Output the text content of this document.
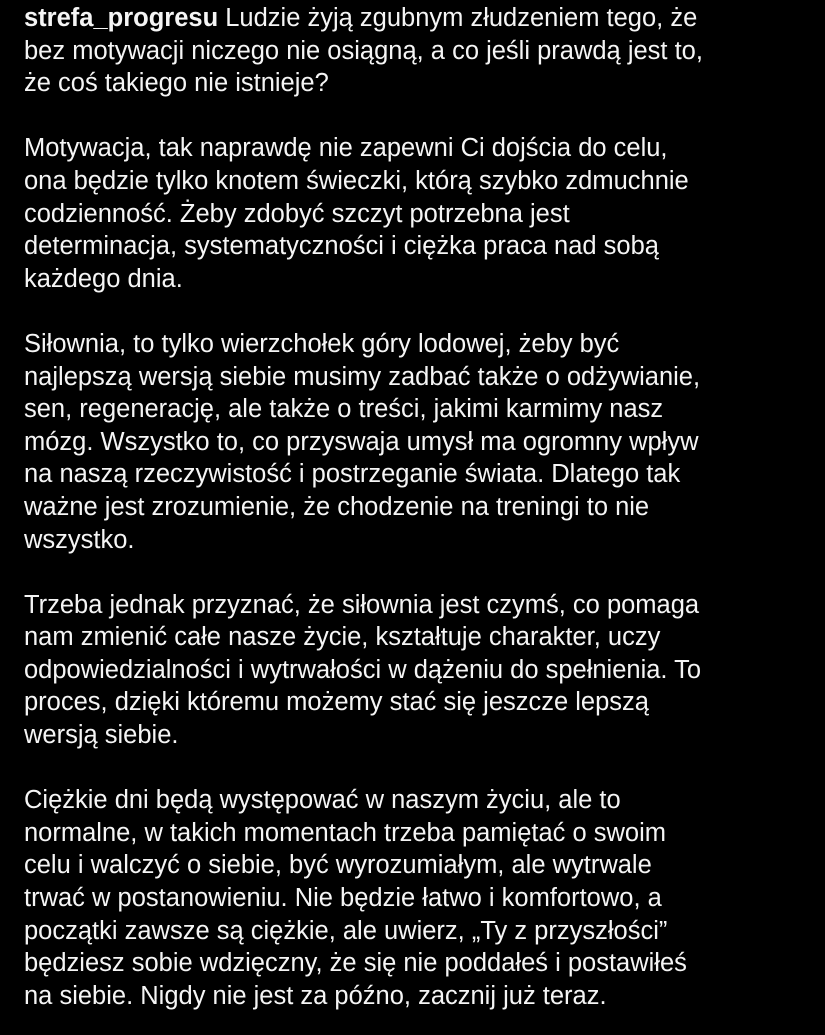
strefa_progresu Ludzie żyją zgubnym złudzeniem tego, że
bez motywacji niczego nie osiągną, a co jeśli prawdą jest to,
że coś takiego nie istnieje?
Motywacja, tak naprawdę nie zapewni Ci dojścia do celu,
ona będzie tylko knotem świeczki, którą szybko zdmuchnie
codzienność. Żeby zdobyć szczyt potrzebna jest
determinacja, systematyczności i ciężka praca nad sobą
każdego dnia.
Siłownia, to tylko wierzchołek góry lodowej, żeby być
najlepszą wersją siebie musimy zadbać także o odżywianie,
sen, regenerację, ale także o treści, jakimi karmimy nasz
mózg. Wszystko to, co przyswaja umysł ma ogromny wpływ
na naszą rzeczywistość i postrzeganie świata. Dlatego tak
ważne jest zrozumienie, że chodzenie na treningi to nie
wszystko.
Trzeba jednak przyznać, że siłownia jest czymś, co pomaga
nam zmienić całe nasze życie, kształtuje charakter, uczy
odpowiedzialności i wytrwałości w dążeniu do spełnienia. To
proces, dzięki któremu możemy stać się jeszcze lepszą
wersją siebie.
Ciężkie dni będą występować w naszym życiu, ale to
normalne, w takich momentach trzeba pamiętać o swoim
celu i walczyć o siebie, być wyrozumiałym, ale wytrwale
trwać w postanowieniu. Nie będzie łatwo i komfortowo, a
początki zawsze są ciężkie, ale uwierz, „Ty z przyszłości”
będziesz sobie wdzięczny, że się nie poddałeś i postawiłeś
na siebie. Nigdy nie jest za późno, zacznij już teraz.
